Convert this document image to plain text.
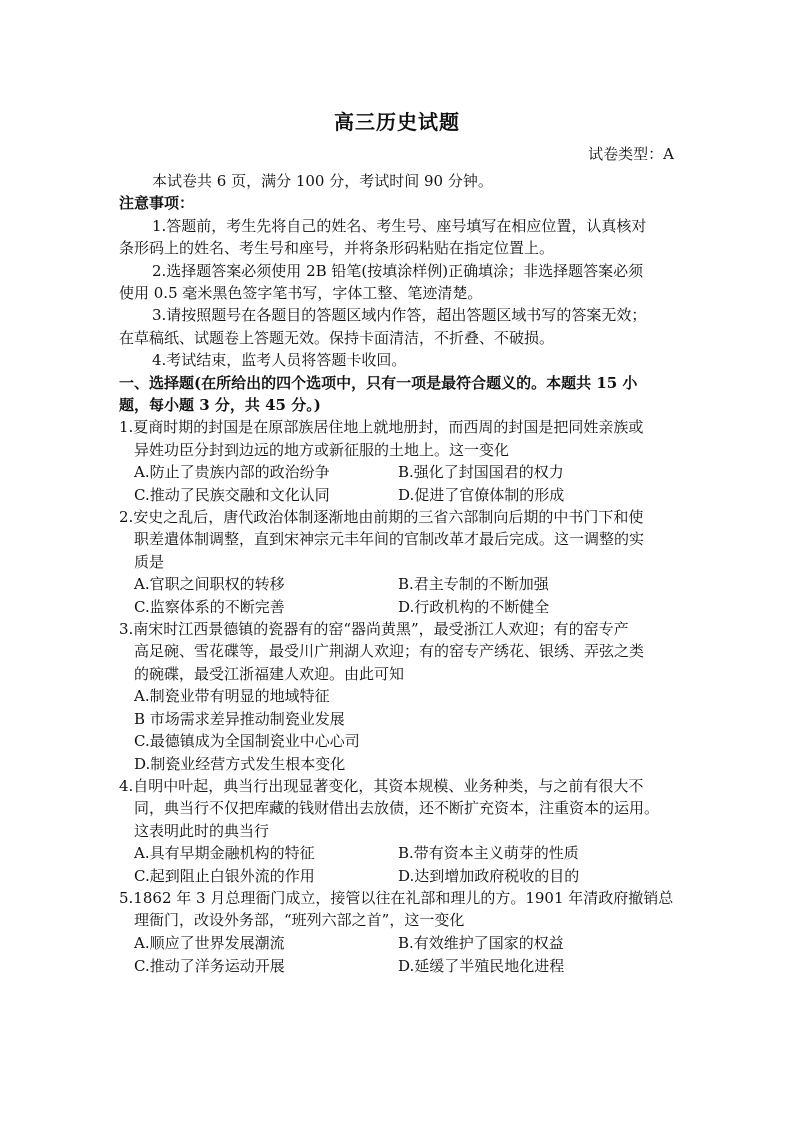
高三历史试题
试卷类型：A
本试卷共 6 页，满分 100 分，考试时间 90 分钟。
注意事项：
1.答题前，考生先将自己的姓名、考生号、座号填写在相应位置，认真核对
条形码上的姓名、考生号和座号，并将条形码粘贴在指定位置上。
2.选择题答案必须使用 2B 铅笔(按填涂样例)正确填涂；非选择题答案必须
使用 0.5 毫米黑色签字笔书写，字体工整、笔迹清楚。
3.请按照题号在各题目的答题区域内作答，超出答题区域书写的答案无效；
在草稿纸、试题卷上答题无效。保持卡面清洁，不折叠、不破损。
4.考试结束，监考人员将答题卡收回。
一、选择题(在所给出的四个选项中，只有一项是最符合题义的。本题共 15 小
题，每小题 3 分，共 45 分。)
1.夏商时期的封国是在原部族居住地上就地册封，而西周的封国是把同姓亲族或
异姓功臣分封到边远的地方或新征服的土地上。这一变化
A.防止了贵族内部的政治纷争	B.强化了封国国君的权力
C.推动了民族交融和文化认同	D.促进了官僚体制的形成
2.安史之乱后，唐代政治体制逐渐地由前期的三省六部制向后期的中书门下和使
职差遣体制调整，直到宋神宗元丰年间的官制改革才最后完成。这一调整的实
质是
A.官职之间职权的转移	B.君主专制的不断加强
C.监察体系的不断完善	D.行政机构的不断健全
3.南宋时江西景德镇的瓷器有的窑“器尚黄黑”，最受浙江人欢迎；有的窑专产
高足碗、雪花碟等，最受川广荆湖人欢迎；有的窑专产绣花、银绣、弄弦之类
的碗碟，最受江浙福建人欢迎。由此可知
A.制瓷业带有明显的地域特征
B 市场需求差异推动制瓷业发展
C.最德镇成为全国制瓷业中心心司
D.制瓷业经营方式发生根本变化
4.自明中叶起，典当行出现显著变化，其资本规模、业务种类，与之前有很大不
同，典当行不仅把库藏的钱财借出去放债，还不断扩充资本，注重资本的运用。
这表明此时的典当行
A.具有早期金融机构的特征	B.带有资本主义萌芽的性质
C.起到阻止白银外流的作用	D.达到增加政府税收的目的
5.1862 年 3 月总理衙门成立，接管以往在礼部和理儿的方。1901 年清政府撤销总
理衙门，改设外务部，“班列六部之首”，这一变化
A.顺应了世界发展潮流	B.有效维护了国家的权益
C.推动了洋务运动开展	D.延缓了半殖民地化进程
